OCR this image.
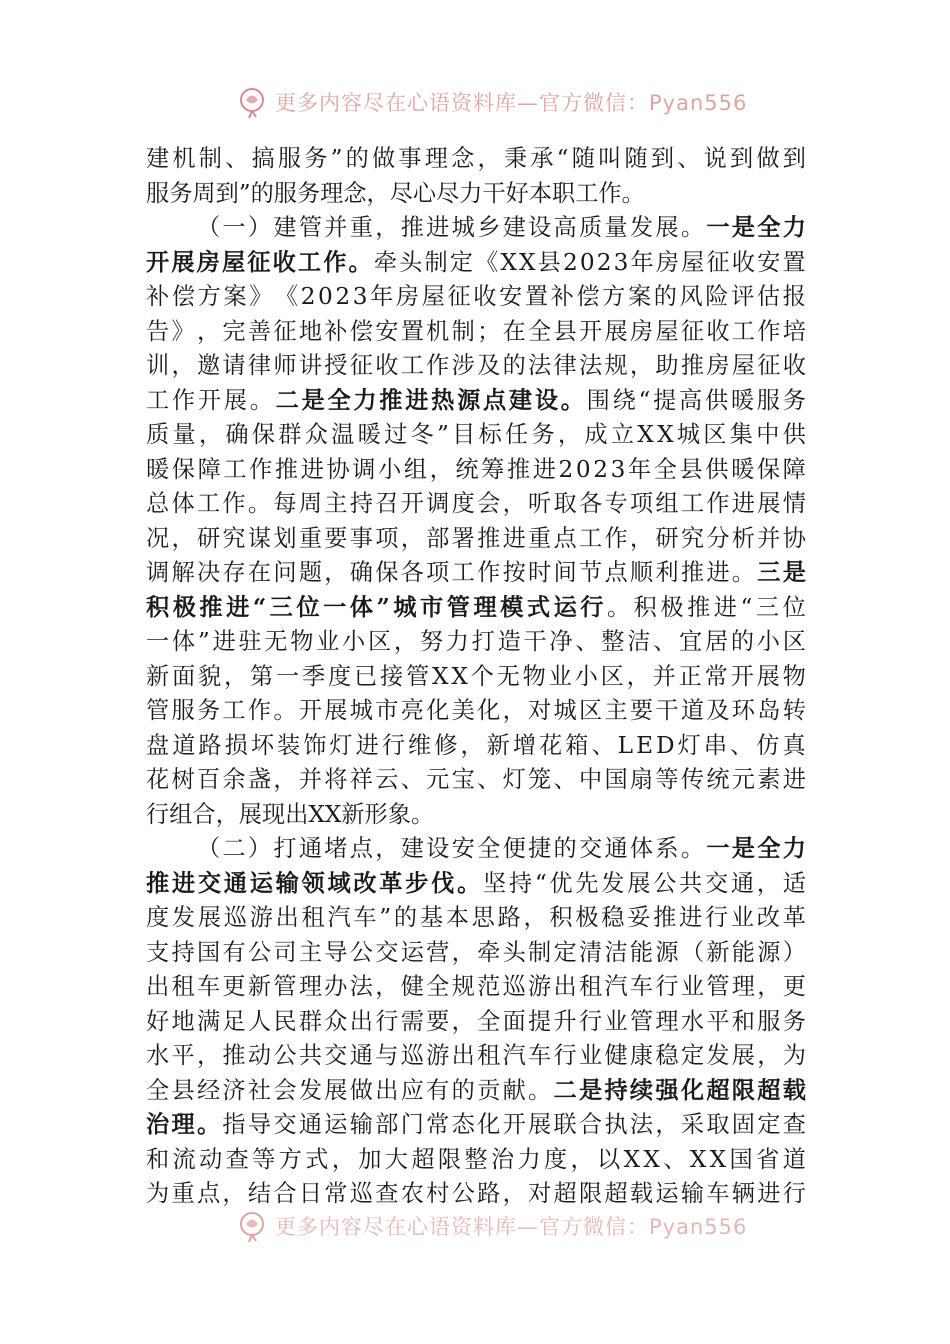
更多内容尽在心语资料库—官方微信：Pyan556
建 机 制 、 搞 服 务 ” 的 做 事 理 念 ， 秉 承 “ 随 叫 随 到 、 说 到 做 到
服 务 周 到 ” 的 服 务 理 念 ， 尽 心 尽 力 干 好 本 职 工 作 。

（ 一 ） 建 管 并 重 ， 推 进 城 乡 建 设 高 质 量 发 展 。 一 是 全 力
开 展 房 屋 征 收 工 作 。 牵 头 制 定 《 X X 县 2 0 2 3 年 房 屋 征 收 安 置
补 偿 方 案 》 《 2 0 2 3 年 房 屋 征 收 安 置 补 偿 方 案 的 风 险 评 估 报
告 》 ， 完 善 征 地 补 偿 安 置 机 制 ； 在 全 县 开 展 房 屋 征 收 工 作 培
训 ， 邀 请 律 师 讲 授 征 收 工 作 涉 及 的 法 律 法 规 ， 助 推 房 屋 征 收
工 作 开 展 。 二 是 全 力 推 进 热 源 点 建 设 。 围 绕 “ 提 高 供 暖 服 务
质 量 ， 确 保 群 众 温 暖 过 冬 ” 目 标 任 务 ， 成 立 X X 城 区 集 中 供
暖 保 障 工 作 推 进 协 调 小 组 ， 统 筹 推 进 2 0 2 3 年 全 县 供 暖 保 障
总 体 工 作 。 每 周 主 持 召 开 调 度 会 ， 听 取 各 专 项 组 工 作 进 展 情
况 ， 研 究 谋 划 重 要 事 项 ， 部 署 推 进 重 点 工 作 ， 研 究 分 析 并 协
调 解 决 存 在 问 题 ， 确 保 各 项 工 作 按 时 间 节 点 顺 利 推 进 。 三 是
积 极 推 进 “ 三 位 一 体 ” 城 市 管 理 模 式 运 行 。 积 极 推 进 “ 三 位
一 体 ” 进 驻 无 物 业 小 区 ， 努 力 打 造 干 净 、 整 洁 、 宜 居 的 小 区
新 面 貌 ， 第 一 季 度 已 接 管 X X 个 无 物 业 小 区 ， 并 正 常 开 展 物
管 服 务 工 作 。 开 展 城 市 亮 化 美 化 ， 对 城 区 主 要 干 道 及 环 岛 转
盘 道 路 损 坏 装 饰 灯 进 行 维 修 ， 新 增 花 箱 、 L E D 灯 串 、 仿 真
花 树 百 余 盏 ， 并 将 祥 云 、 元 宝 、 灯 笼 、 中 国 扇 等 传 统 元 素 进
行 组 合 ， 展 现 出 X X 新 形 象 。

（ 二 ） 打 通 堵 点 ， 建 设 安 全 便 捷 的 交 通 体 系 。 一 是 全 力
推 进 交 通 运 输 领 域 改 革 步 伐 。 坚 持 “ 优 先 发 展 公 共 交 通 ， 适
度 发 展 巡 游 出 租 汽 车 ” 的 基 本 思 路 ， 积 极 稳 妥 推 进 行 业 改 革
支 持 国 有 公 司 主 导 公 交 运 营 ， 牵 头 制 定 清 洁 能 源 （ 新 能 源 ）
出 租 车 更 新 管 理 办 法 ， 健 全 规 范 巡 游 出 租 汽 车 行 业 管 理 ， 更
好 地 满 足 人 民 群 众 出 行 需 要 ， 全 面 提 升 行 业 管 理 水 平 和 服 务
水 平 ， 推 动 公 共 交 通 与 巡 游 出 租 汽 车 行 业 健 康 稳 定 发 展 ， 为
全 县 经 济 社 会 发 展 做 出 应 有 的 贡 献 。 二 是 持 续 强 化 超 限 超 载
治 理 。 指 导 交 通 运 输 部 门 常 态 化 开 展 联 合 执 法 ， 采 取 固 定 查
和 流 动 查 等 方 式 ， 加 大 超 限 整 治 力 度 ， 以 X X 、 X X 国 省 道
为 重 点 ， 结 合 日 常 巡 查 农 村 公 路 ， 对 超 限 超 载 运 输 车 辆 进 行
更多内容尽在心语资料库—官方微信：Pyan556
